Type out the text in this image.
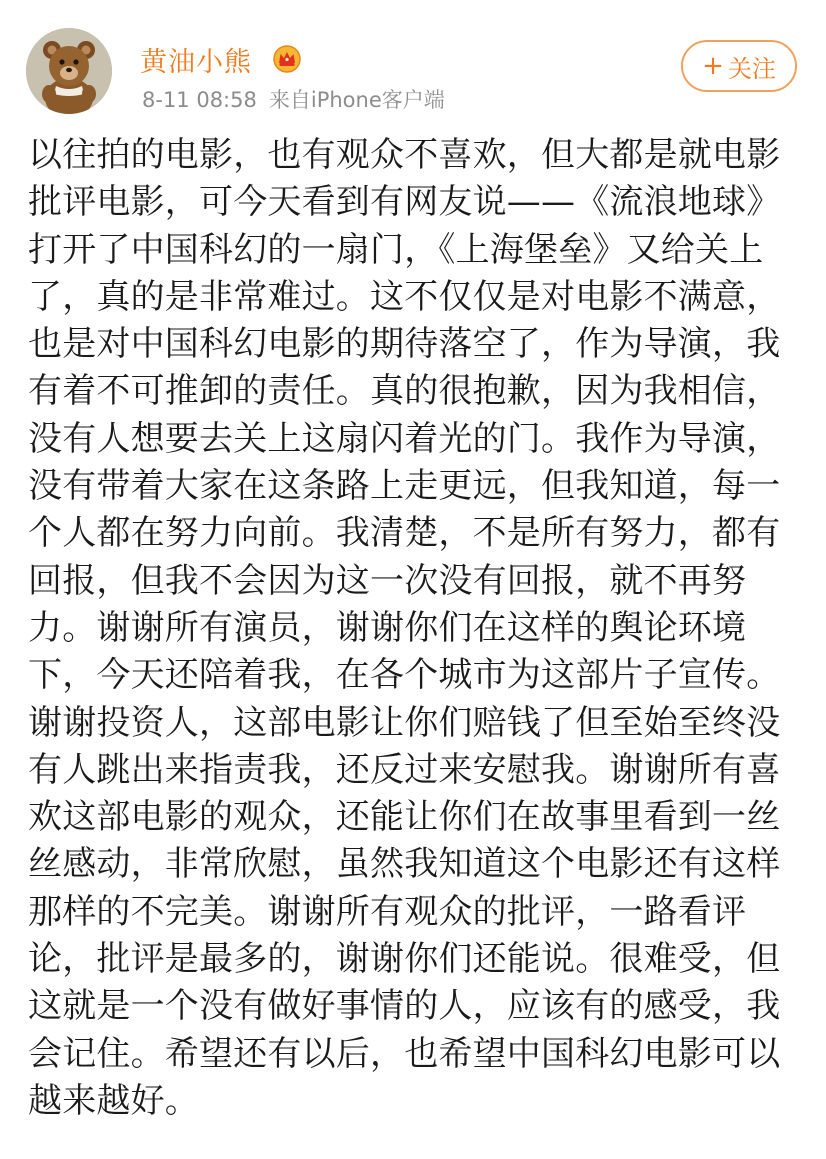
黄油小熊
8-11 08:58 来自iPhone客户端
+ 关注
以往拍的电影，也有观众不喜欢，但大都是就电影
批评电影，可今天看到有网友说——《流浪地球》
打开了中国科幻的一扇门，《上海堡垒》又给关上
了，真的是非常难过。这不仅仅是对电影不满意，
也是对中国科幻电影的期待落空了，作为导演，我
有着不可推卸的责任。真的很抱歉，因为我相信，
没有人想要去关上这扇闪着光的门。我作为导演，
没有带着大家在这条路上走更远，但我知道，每一
个人都在努力向前。我清楚，不是所有努力，都有
回报，但我不会因为这一次没有回报，就不再努
力。谢谢所有演员，谢谢你们在这样的舆论环境
下，今天还陪着我，在各个城市为这部片子宣传。
谢谢投资人，这部电影让你们赔钱了但至始至终没
有人跳出来指责我，还反过来安慰我。谢谢所有喜
欢这部电影的观众，还能让你们在故事里看到一丝
丝感动，非常欣慰，虽然我知道这个电影还有这样
那样的不完美。谢谢所有观众的批评，一路看评
论，批评是最多的，谢谢你们还能说。很难受，但
这就是一个没有做好事情的人，应该有的感受，我
会记住。希望还有以后，也希望中国科幻电影可以
越来越好。
